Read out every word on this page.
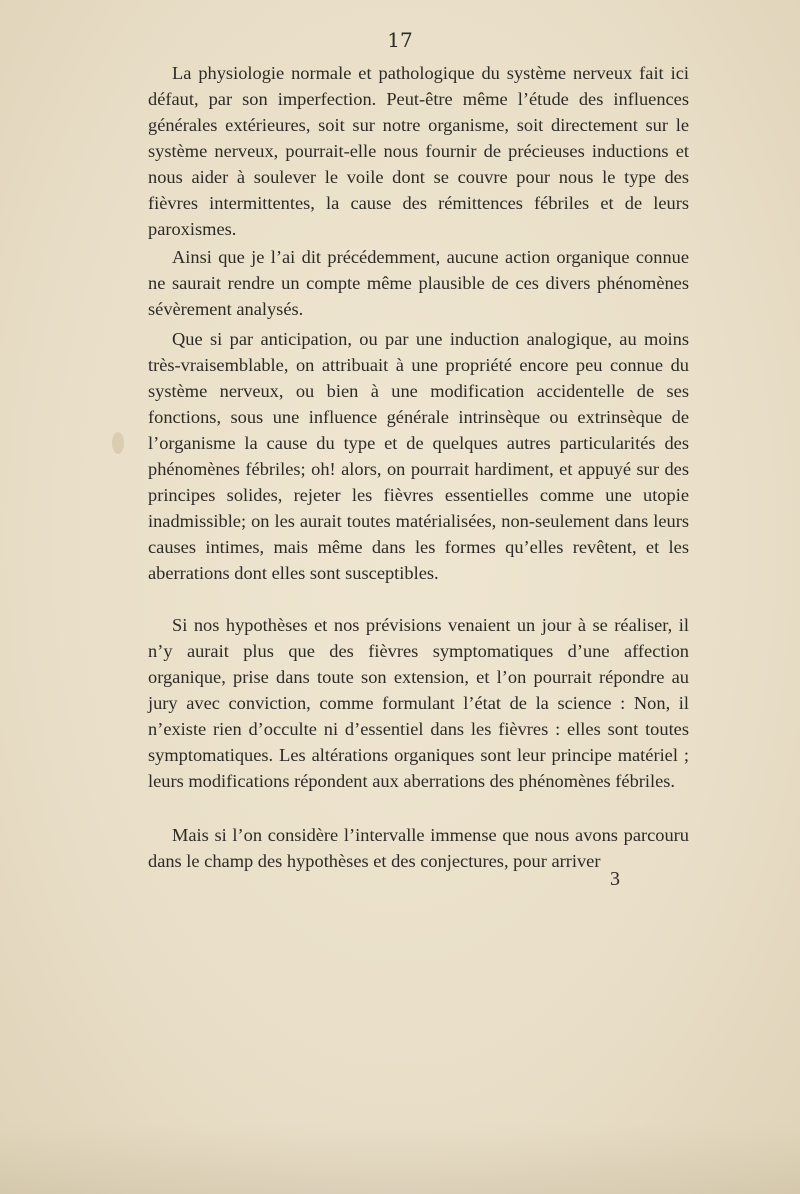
17

La physiologie normale et pathologique du système nerveux fait ici défaut, par son imperfection. Peut-être même l’étude des influences générales extérieures, soit sur notre organisme, soit directement sur le système nerveux, pourrait-elle nous fournir de précieuses inductions et nous aider à soulever le voile dont se couvre pour nous le type des fièvres intermittentes, la cause des rémittences fébriles et de leurs paroxismes.

Ainsi que je l’ai dit précédemment, aucune action organique connue ne saurait rendre un compte même plausible de ces divers phénomènes sévèrement analysés.

Que si par anticipation, ou par une induction analogique, au moins très-vraisemblable, on attribuait à une propriété encore peu connue du système nerveux, ou bien à une modification accidentelle de ses fonctions, sous une influence générale intrinsèque ou extrinsèque de l’organisme la cause du type et de quelques autres particularités des phénomènes fébriles; oh! alors, on pourrait hardiment, et appuyé sur des principes solides, rejeter les fièvres essentielles comme une utopie inadmissible; on les aurait toutes matérialisées, non-seulement dans leurs causes intimes, mais même dans les formes qu’elles revêtent, et les aberrations dont elles sont susceptibles.

Si nos hypothèses et nos prévisions venaient un jour à se réaliser, il n’y aurait plus que des fièvres symptomatiques d’une affection organique, prise dans toute son extension, et l’on pourrait répondre au jury avec conviction, comme formulant l’état de la science : Non, il n’existe rien d’occulte ni d’essentiel dans les fièvres : elles sont toutes symptomatiques. Les altérations organiques sont leur principe matériel ; leurs modifications répondent aux aberrations des phénomènes fébriles.

Mais si l’on considère l’intervalle immense que nous avons parcouru dans le champ des hypothèses et des conjectures, pour arriver

3
